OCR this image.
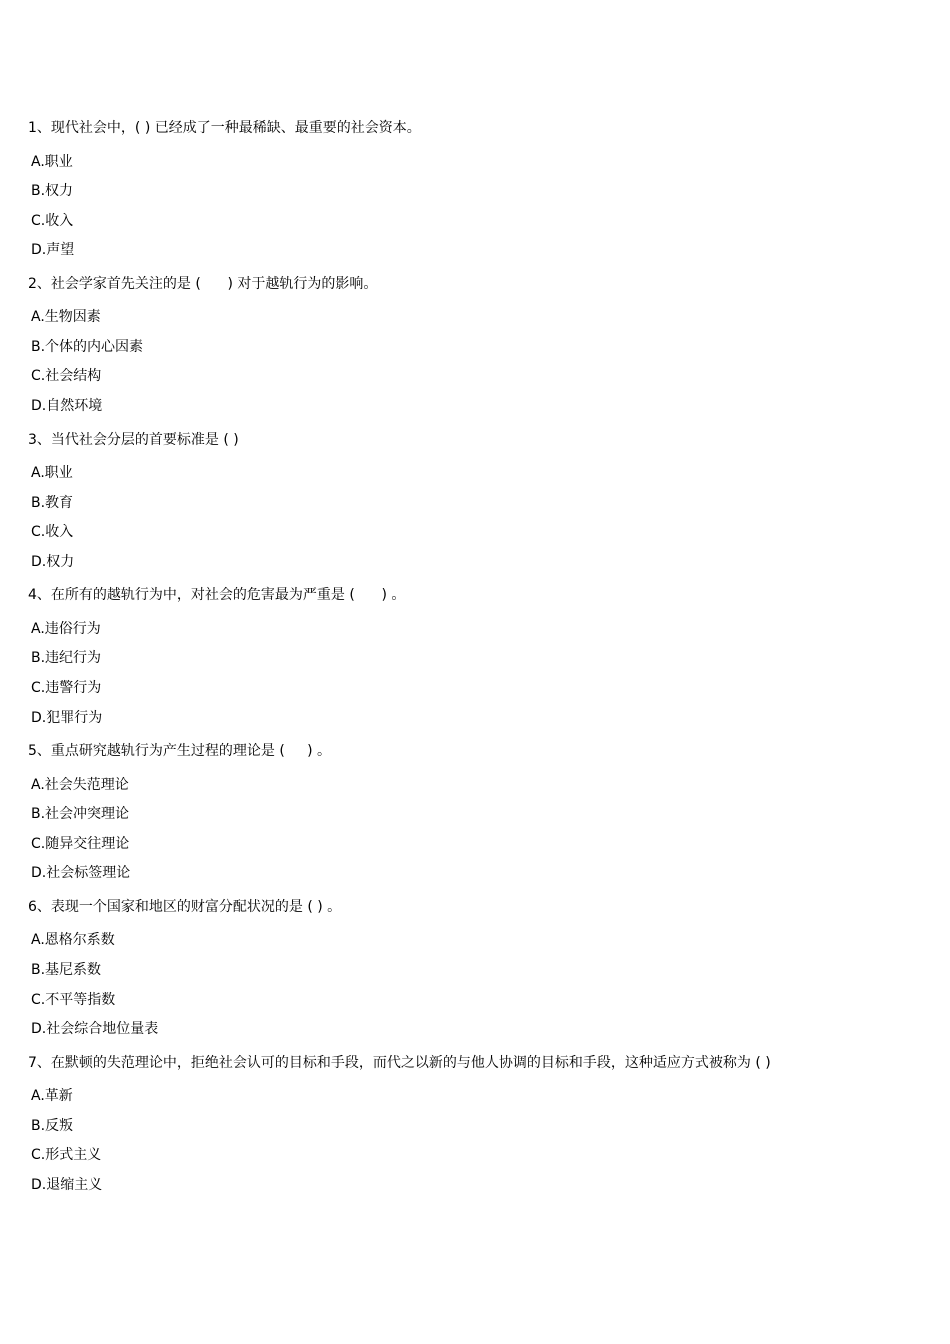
1、现代社会中，( ) 已经成了一种最稀缺、最重要的社会资本。
A.职业
B.权力
C.收入
D.声望
2、社会学家首先关注的是 (      ) 对于越轨行为的影响。
A.生物因素
B.个体的内心因素
C.社会结构
D.自然环境
3、当代社会分层的首要标准是 ( )
A.职业
B.教育
C.收入
D.权力
4、在所有的越轨行为中，对社会的危害最为严重是 (      ) 。
A.违俗行为
B.违纪行为
C.违警行为
D.犯罪行为
5、重点研究越轨行为产生过程的理论是 (     ) 。
A.社会失范理论
B.社会冲突理论
C.随异交往理论
D.社会标签理论
6、表现一个国家和地区的财富分配状况的是 ( ) 。
A.恩格尔系数
B.基尼系数
C.不平等指数
D.社会综合地位量表
7、在默顿的失范理论中，拒绝社会认可的目标和手段，而代之以新的与他人协调的目标和手段，这种适应方式被称为 ( )
A.革新
B.反叛
C.形式主义
D.退缩主义
